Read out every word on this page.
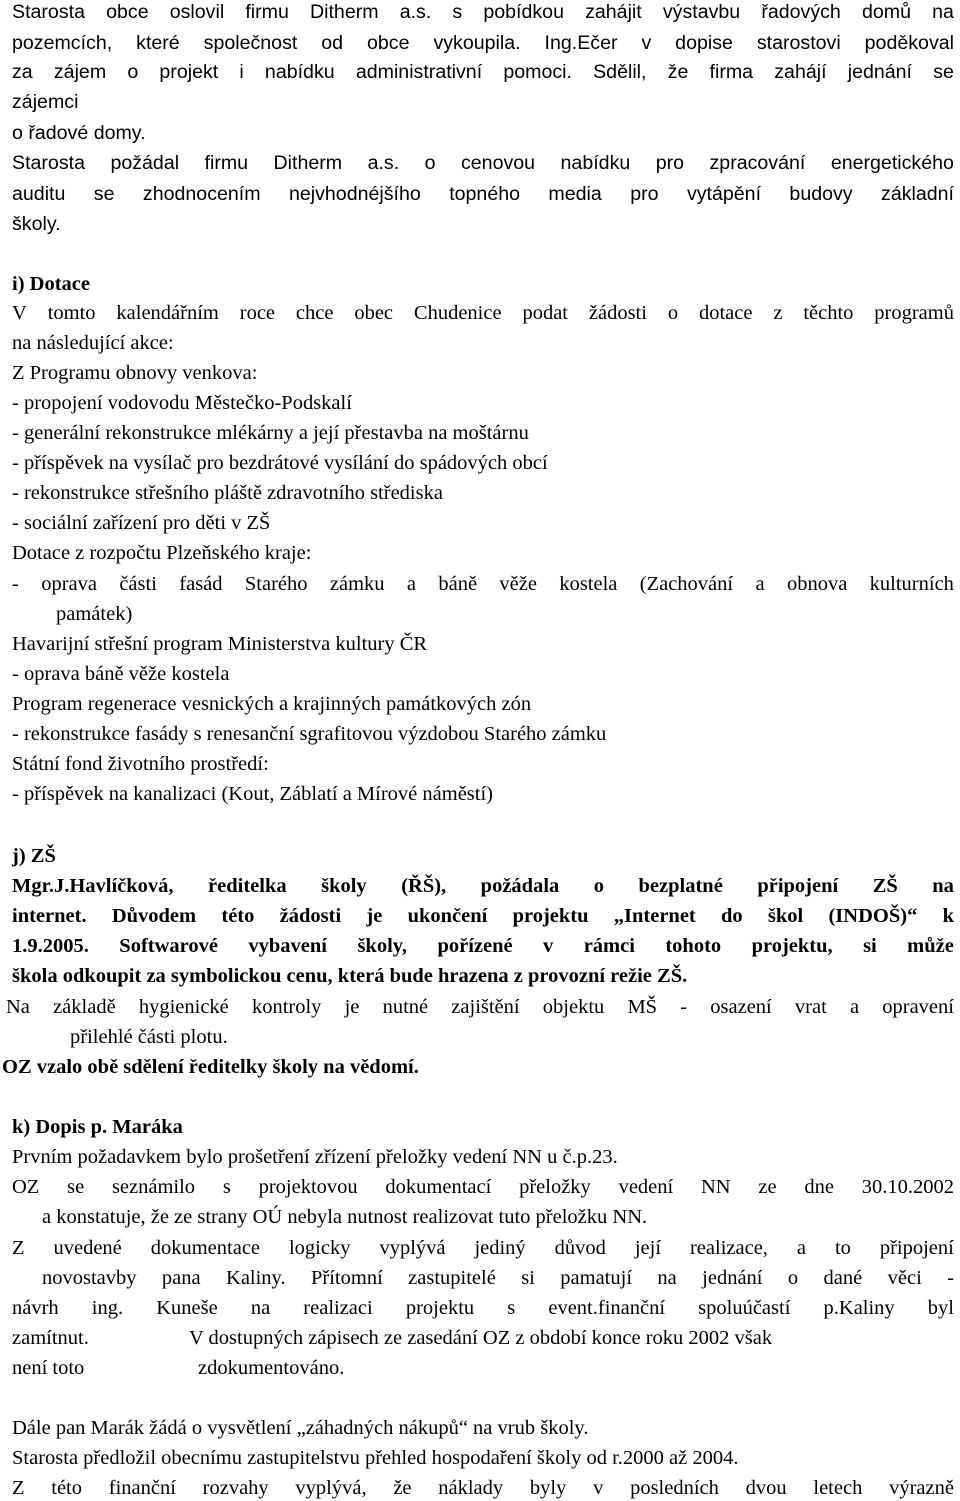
Starosta obce oslovil firmu Ditherm a.s. s pobídkou zahájit výstavbu řadových domů na
pozemcích, které společnost od obce vykoupila. Ing.Ečer v dopise starostovi poděkoval
za zájem o projekt i nabídku administrativní pomoci. Sdělil, že firma zahájí jednání se
zájemci
o řadové domy.
Starosta požádal firmu Ditherm a.s. o cenovou nabídku pro zpracování energetického
auditu se zhodnocením nejvhodnéjšího topného media pro vytápění budovy základní
školy.
i) Dotace
V tomto kalendářním roce chce obec Chudenice podat žádosti o dotace z těchto programů
na následující akce:
Z Programu obnovy venkova:
- propojení vodovodu Městečko-Podskalí
- generální rekonstrukce mlékárny a její přestavba na moštárnu
- příspěvek na vysílač pro bezdrátové vysílání do spádových obcí
- rekonstrukce střešního pláště zdravotního střediska
- sociální zařízení pro děti v ZŠ
Dotace z rozpočtu Plzeňského kraje:
- oprava části fasád Starého zámku a báně věže kostela (Zachování a obnova kulturních
památek)
Havarijní střešní program Ministerstva kultury ČR
- oprava báně věže kostela
Program regenerace vesnických a krajinných památkových zón
- rekonstrukce fasády s renesanční sgrafitovou výzdobou Starého zámku
Státní fond životního prostředí:
- příspěvek na kanalizaci (Kout, Záblatí a Mírové náměstí)
j) ZŠ
Mgr.J.Havlíčková, ředitelka školy (ŘŠ), požádala o bezplatné připojení ZŠ na
internet. Důvodem této žádosti je ukončení projektu „Internet do škol (INDOŠ)“ k
1.9.2005. Softwarové vybavení školy, pořízené v rámci tohoto projektu, si může
škola odkoupit za symbolickou cenu, která bude hrazena z provozní režie ZŠ.
Na základě hygienické kontroly je nutné zajištění objektu MŠ - osazení vrat a opravení
přilehlé části plotu.
OZ vzalo obě sdělení ředitelky školy na vědomí.
k) Dopis p. Maráka
Prvním požadavkem bylo prošetření zřízení přeložky vedení NN u č.p.23.
OZ se seznámilo s projektovou dokumentací přeložky vedení NN ze dne 30.10.2002
a konstatuje, že ze strany OÚ nebyla nutnost realizovat tuto přeložku NN.
Z uvedené dokumentace logicky vyplývá jediný důvod její realizace, a to připojení
novostavby pana Kaliny. Přítomní zastupitelé si pamatují na jednání o dané věci -
návrh ing. Kuneše na realizaci projektu s event.finanční spoluúčastí p.Kaliny byl
zamítnut.	V dostupných zápisech ze zasedání OZ z období konce roku 2002 však
není toto	zdokumentováno.
Dále pan Marák žádá o vysvětlení „záhadných nákupů“ na vrub školy.
Starosta předložil obecnímu zastupitelstvu přehled hospodaření školy od r.2000 až 2004.
Z této finanční rozvahy vyplývá, že náklady byly v posledních dvou letech výrazně
